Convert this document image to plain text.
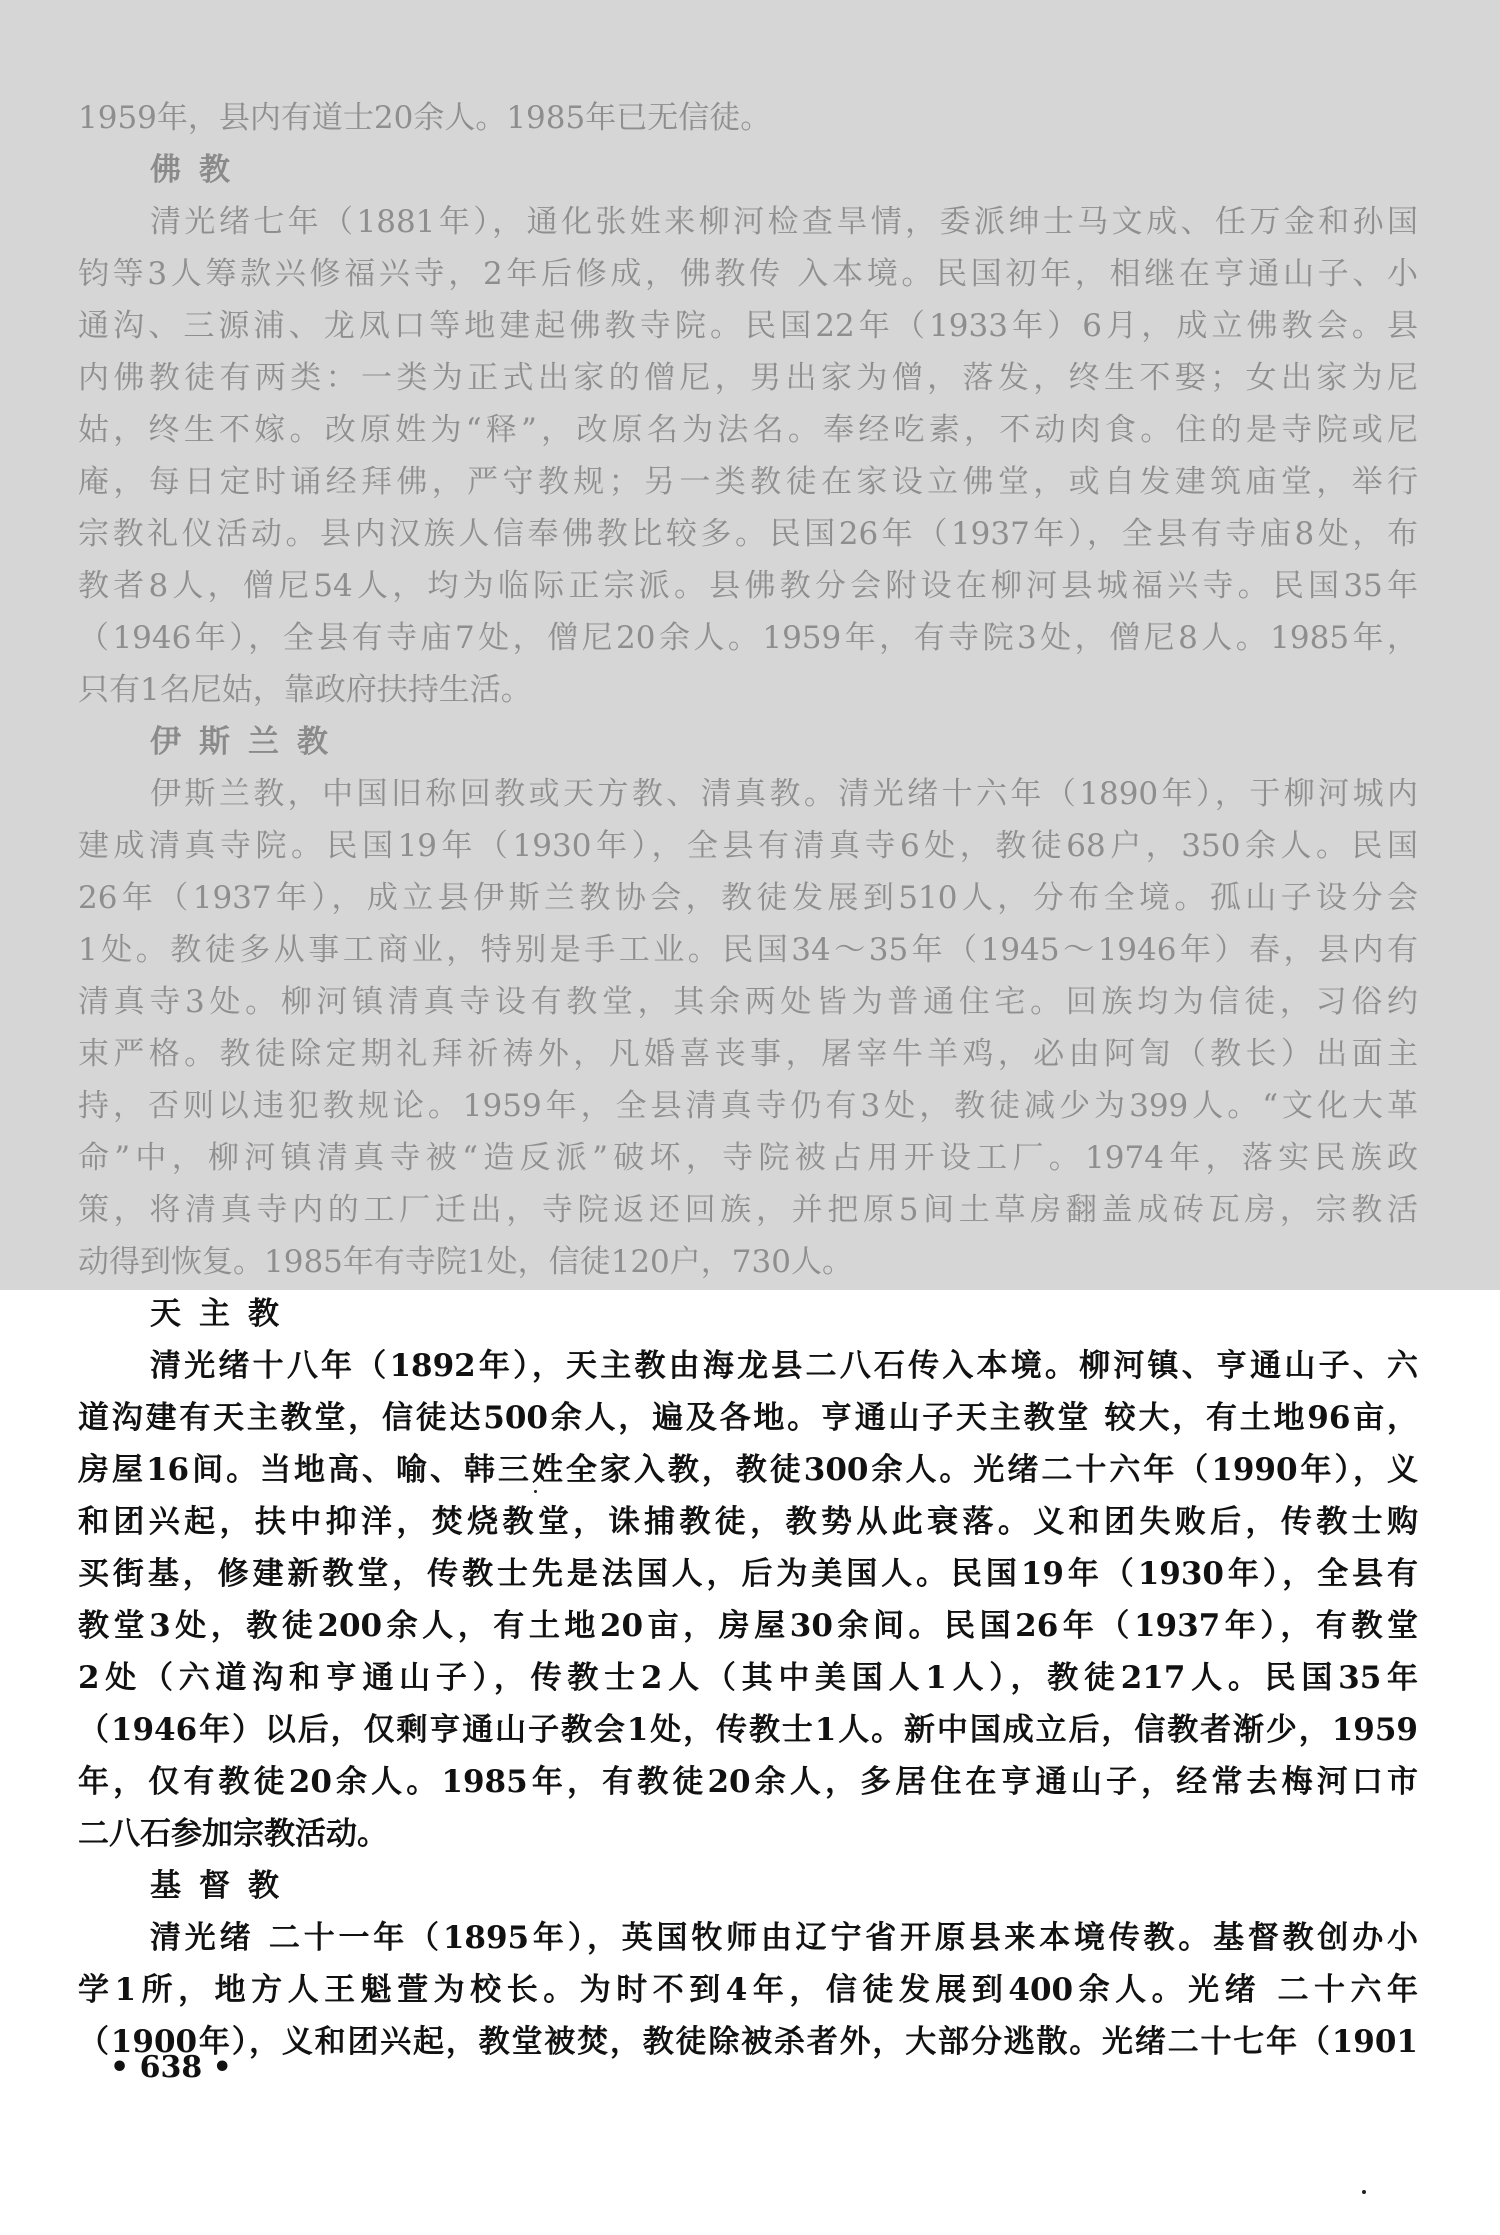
1959年，县内有道士20余人。1985年已无信徒。
佛教
清光绪七年（1881年），通化张姓来柳河检查旱情，委派绅士马文成、任万金和孙国
钧等3人筹款兴修福兴寺，2年后修成，佛教传 入本境。民国初年，相继在亨通山子、小
通沟、三源浦、龙凤口等地建起佛教寺院。民国22年（1933年）6月，成立佛教会。县
内佛教徒有两类：一类为正式出家的僧尼，男出家为僧，落发，终生不娶；女出家为尼
姑，终生不嫁。改原姓为“释”，改原名为法名。奉经吃素，不动肉食。住的是寺院或尼
庵，每日定时诵经拜佛，严守教规；另一类教徒在家设立佛堂，或自发建筑庙堂，举行
宗教礼仪活动。县内汉族人信奉佛教比较多。民国26年（1937年），全县有寺庙8处，布
教者8人，僧尼54人，均为临际正宗派。县佛教分会附设在柳河县城福兴寺。民国35年
（1946年），全县有寺庙7处，僧尼20余人。1959年，有寺院3处，僧尼8人。1985年，
只有1名尼姑，靠政府扶持生活。
伊斯兰教
伊斯兰教，中国旧称回教或天方教、清真教。清光绪十六年（1890年），于柳河城内
建成清真寺院。民国19年（1930年），全县有清真寺6处，教徒68户，350余人。民国
26年（1937年），成立县伊斯兰教协会，教徒发展到510人，分布全境。孤山子设分会
1处。教徒多从事工商业，特别是手工业。民国34～35年（1945～1946年）春，县内有
清真寺3处。柳河镇清真寺设有教堂，其余两处皆为普通住宅。回族均为信徒，习俗约
束严格。教徒除定期礼拜祈祷外，凡婚喜丧事，屠宰牛羊鸡，必由阿訇（教长）出面主
持，否则以违犯教规论。1959年，全县清真寺仍有3处，教徒减少为399人。“文化大革
命”中，柳河镇清真寺被“造反派”破坏，寺院被占用开设工厂。1974年，落实民族政
策，将清真寺内的工厂迁出，寺院返还回族，并把原5间土草房翻盖成砖瓦房，宗教活
动得到恢复。1985年有寺院1处，信徒120户，730人。
天主教
清光绪十八年（1892年），天主教由海龙县二八石传入本境。柳河镇、亨通山子、六
道沟建有天主教堂，信徒达500余人，遍及各地。亨通山子天主教堂 较大，有土地96亩，
房屋16间。当地高、喻、韩三姓全家入教，教徒300余人。光绪二十六年（1990年），义
和团兴起，扶中抑洋，焚烧教堂，诛捕教徒，教势从此衰落。义和团失败后，传教士购
买街基，修建新教堂，传教士先是法国人，后为美国人。民国19年（1930年），全县有
教堂3处，教徒200余人，有土地20亩，房屋30余间。民国26年（1937年），有教堂
2处（六道沟和亨通山子），传教士2人（其中美国人1人），教徒217人。民国35年
（1946年）以后，仅剩亨通山子教会1处，传教士1人。新中国成立后，信教者渐少，1959
年，仅有教徒20余人。1985年，有教徒20余人，多居住在亨通山子，经常去梅河口市
二八石参加宗教活动。
基督教
清光绪 二十一年（1895年），英国牧师由辽宁省开原县来本境传教。基督教创办小
学1所，地方人王魁萱为校长。为时不到4年，信徒发展到400余人。光绪 二十六年
（1900年），义和团兴起，教堂被焚，教徒除被杀者外，大部分逃散。光绪二十七年（1901
• 638 •
